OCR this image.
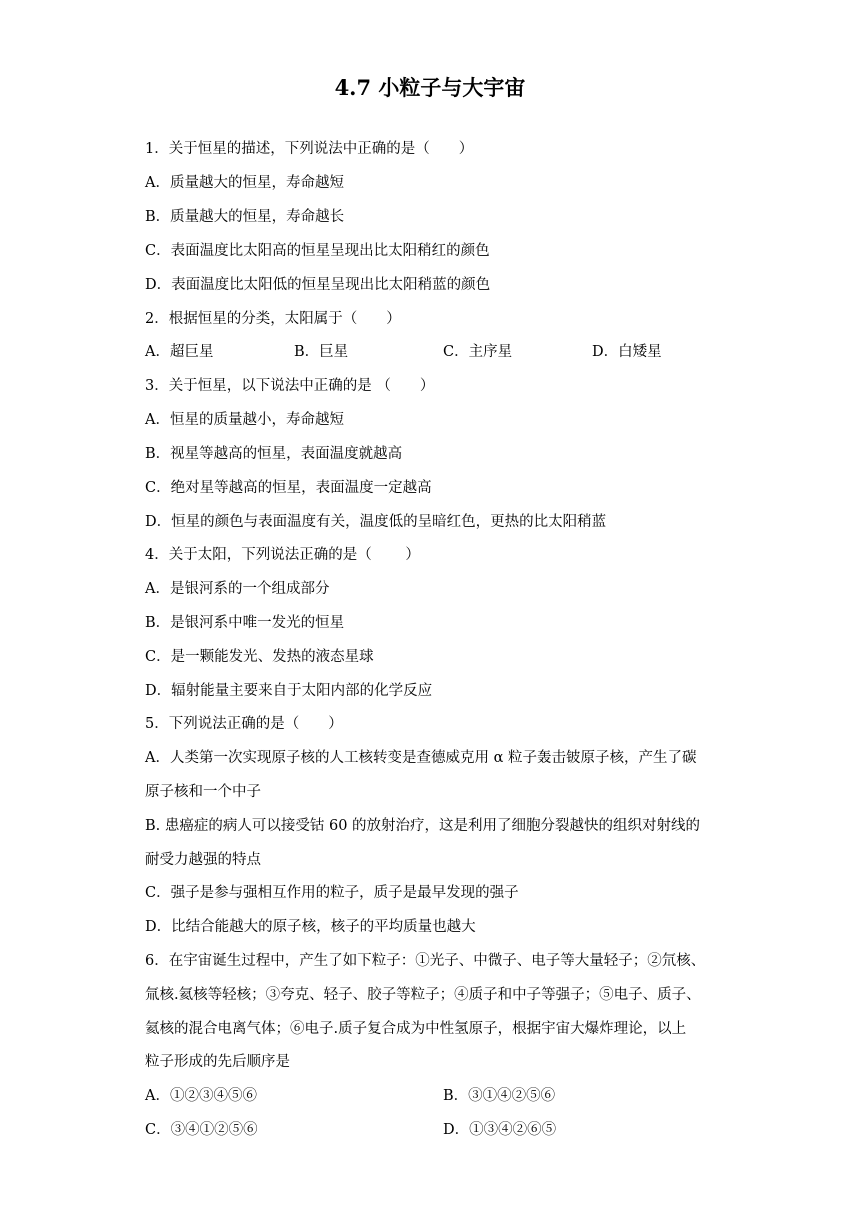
4.7 小粒子与大宇宙
1．关于恒星的描述，下列说法中正确的是（　　）
A．质量越大的恒星，寿命越短
B．质量越大的恒星，寿命越长
C．表面温度比太阳高的恒星呈现出比太阳稍红的颜色
D．表面温度比太阳低的恒星呈现出比太阳稍蓝的颜色
2．根据恒星的分类，太阳属于（　　）
A．超巨星	B．巨星	C．主序星	D．白矮星
3．关于恒星，以下说法中正确的是 （　　）
A．恒星的质量越小，寿命越短
B．视星等越高的恒星，表面温度就越高
C．绝对星等越高的恒星，表面温度一定越高
D．恒星的颜色与表面温度有关，温度低的呈暗红色，更热的比太阳稍蓝
4．关于太阳，下列说法正确的是（　　 ）
A．是银河系的一个组成部分
B．是银河系中唯一发光的恒星
C．是一颗能发光、发热的液态星球
D．辐射能量主要来自于太阳内部的化学反应
5．下列说法正确的是（　　）
A．人类第一次实现原子核的人工核转变是查德威克用 α 粒子轰击铍原子核，产生了碳
原子核和一个中子
B. 患癌症的病人可以接受钴 60 的放射治疗，这是利用了细胞分裂越快的组织对射线的
耐受力越强的特点
C．强子是参与强相互作用的粒子，质子是最早发现的强子
D．比结合能越大的原子核，核子的平均质量也越大
6．在宇宙诞生过程中，产生了如下粒子：①光子、中微子、电子等大量轻子；②氘核、
氚核.氦核等轻核；③夸克、轻子、胶子等粒子；④质子和中子等强子；⑤电子、质子、
氦核的混合电离气体；⑥电子.质子复合成为中性氢原子，根据宇宙大爆炸理论，以上
粒子形成的先后顺序是
A．①②③④⑤⑥	B．③①④②⑤⑥
C．③④①②⑤⑥	D．①③④②⑥⑤
